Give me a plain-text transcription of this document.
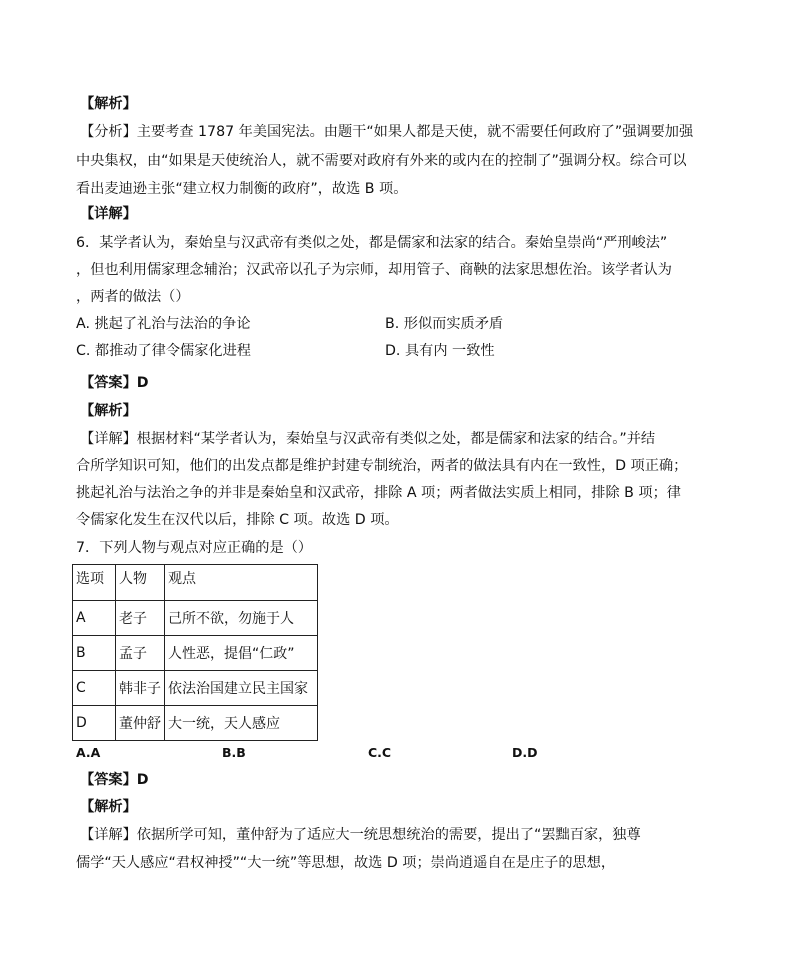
【解析】
【分析】主要考查 1787 年美国宪法。由题干“如果人都是天使，就不需要任何政府了”强调要加强
中央集权，由“如果是天使统治人，就不需要对政府有外来的或内在的控制了”强调分权。综合可以
看出麦迪逊主张“建立权力制衡的政府”，故选 B 项。
【详解】
6．某学者认为，秦始皇与汉武帝有类似之处，都是儒家和法家的结合。秦始皇崇尚“严刑峻法”
，但也利用儒家理念辅治；汉武帝以孔子为宗师，却用管子、商鞅的法家思想佐治。该学者认为
，两者的做法（）
A. 挑起了礼治与法治的争论	B. 形似而实质矛盾
C. 都推动了律令儒家化进程	D. 具有内 一致性
【答案】D
【解析】
【详解】根据材料“某学者认为，秦始皇与汉武帝有类似之处，都是儒家和法家的结合。”并结
合所学知识可知，他们的出发点都是维护封建专制统治，两者的做法具有内在一致性，D 项正确；
挑起礼治与法治之争的并非是秦始皇和汉武帝，排除 A 项；两者做法实质上相同，排除 B 项；律
令儒家化发生在汉代以后，排除 C 项。故选 D 项。
7．下列人物与观点对应正确的是（）
选项	人物	观点
A	老子	己所不欲，勿施于人
B	孟子	人性恶，提倡“仁政”
C	韩非子	依法治国建立民主国家
D	董仲舒	大一统，天人感应
A.A	B.B	C.C	D.D
【答案】D
【解析】
【详解】依据所学可知，董仲舒为了适应大一统思想统治的需要，提出了“罢黜百家，独尊
儒学“天人感应“君权神授”“大一统”等思想，故选 D 项；崇尚逍遥自在是庄子的思想，
